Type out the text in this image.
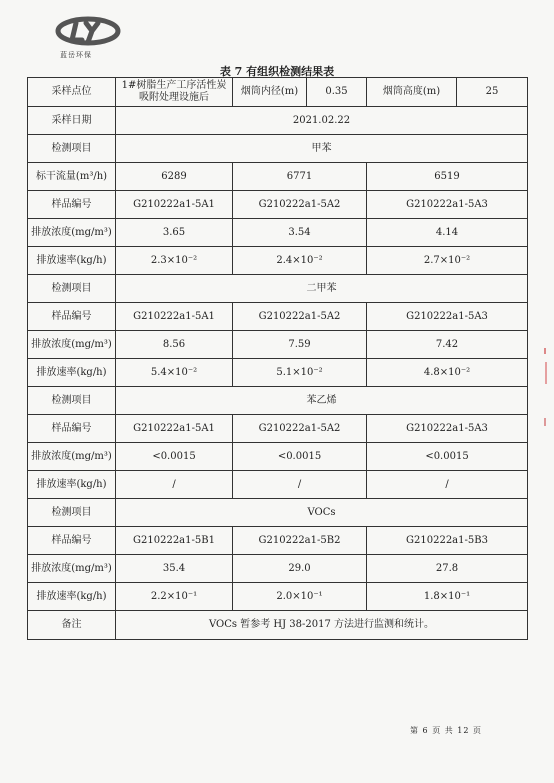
蓝岳环保
表 7 有组织检测结果表
采样点位	1#树脂生产工序活性炭吸附处理设施后	烟筒内径(m)	0.35	烟筒高度(m)	25
采样日期	2021.02.22				
检测项目	甲苯				
标干流量(m³/h)	6289	6771		6519	
样品编号	G210222a1-5A1	G210222a1-5A2		G210222a1-5A3	
排放浓度(mg/m³)	3.65	3.54		4.14	
排放速率(kg/h)	2.3×10⁻²	2.4×10⁻²		2.7×10⁻²	
检测项目	二甲苯				
样品编号	G210222a1-5A1	G210222a1-5A2		G210222a1-5A3	
排放浓度(mg/m³)	8.56	7.59		7.42	
排放速率(kg/h)	5.4×10⁻²	5.1×10⁻²		4.8×10⁻²	
检测项目	苯乙烯				
样品编号	G210222a1-5A1	G210222a1-5A2		G210222a1-5A3	
排放浓度(mg/m³)	<0.0015	<0.0015		<0.0015	
排放速率(kg/h)	/	/		/	
检测项目	VOCs				
样品编号	G210222a1-5B1	G210222a1-5B2		G210222a1-5B3	
排放浓度(mg/m³)	35.4	29.0		27.8	
排放速率(kg/h)	2.2×10⁻¹	2.0×10⁻¹		1.8×10⁻¹	
备注	VOCs 暂参考 HJ 38-2017 方法进行监测和统计。				
第 6 页 共 12 页
